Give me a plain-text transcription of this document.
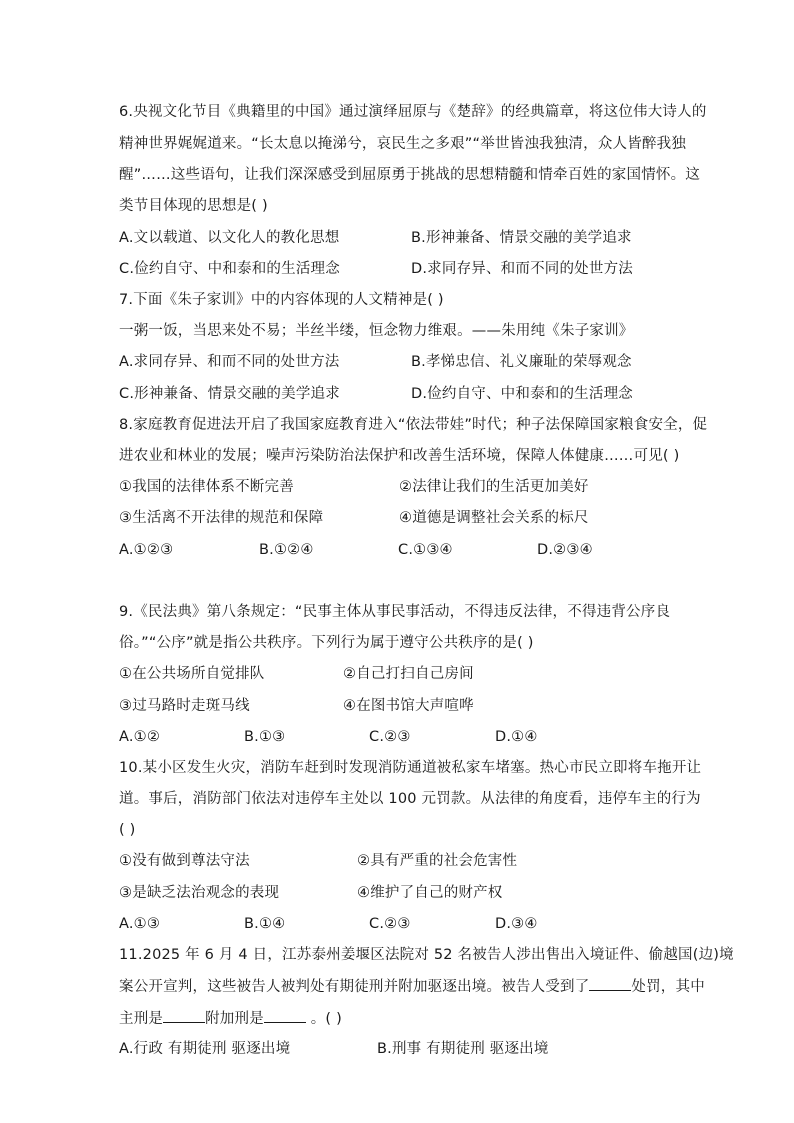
6.央视文化节目《典籍里的中国》通过演绎屈原与《楚辞》的经典篇章，将这位伟大诗人的
精神世界娓娓道来。“长太息以掩涕兮，哀民生之多艰”“举世皆浊我独清，众人皆醉我独
醒”……这些语句，让我们深深感受到屈原勇于挑战的思想精髓和情牵百姓的家国情怀。这
类节目体现的思想是( )
A.文以载道、以文化人的教化思想	B.形神兼备、情景交融的美学追求
C.俭约自守、中和泰和的生活理念	D.求同存异、和而不同的处世方法
7.下面《朱子家训》中的内容体现的人文精神是( )
一粥一饭，当思来处不易；半丝半缕，恒念物力维艰。——朱用纯《朱子家训》
A.求同存异、和而不同的处世方法	B.孝悌忠信、礼义廉耻的荣辱观念
C.形神兼备、情景交融的美学追求	D.俭约自守、中和泰和的生活理念
8.家庭教育促进法开启了我国家庭教育进入“依法带娃”时代；种子法保障国家粮食安全，促
进农业和林业的发展；噪声污染防治法保护和改善生活环境，保障人体健康……可见( )
①我国的法律体系不断完善	②法律让我们的生活更加美好
③生活离不开法律的规范和保障	④道德是调整社会关系的标尺
A.①②③	B.①②④	C.①③④	D.②③④
9.《民法典》第八条规定：“民事主体从事民事活动，不得违反法律，不得违背公序良
俗。”“公序”就是指公共秩序。下列行为属于遵守公共秩序的是( )
①在公共场所自觉排队	②自己打扫自己房间
③过马路时走斑马线	④在图书馆大声喧哗
A.①②	B.①③	C.②③	D.①④
10.某小区发生火灾，消防车赶到时发现消防通道被私家车堵塞。热心市民立即将车拖开让
道。事后，消防部门依法对违停车主处以 100 元罚款。从法律的角度看，违停车主的行为
( )
①没有做到尊法守法	②具有严重的社会危害性
③是缺乏法治观念的表现	④维护了自己的财产权
A.①③	B.①④	C.②③	D.③④
11.2025 年 6 月 4 日，江苏泰州姜堰区法院对 52 名被告人涉出售出入境证件、偷越国(边)境
案公开宣判，这些被告人被判处有期徒刑并附加驱逐出境。被告人受到了	处罚，其中
主刑是	附加刑是	。( )
A.行政 有期徒刑 驱逐出境	B.刑事 有期徒刑 驱逐出境
